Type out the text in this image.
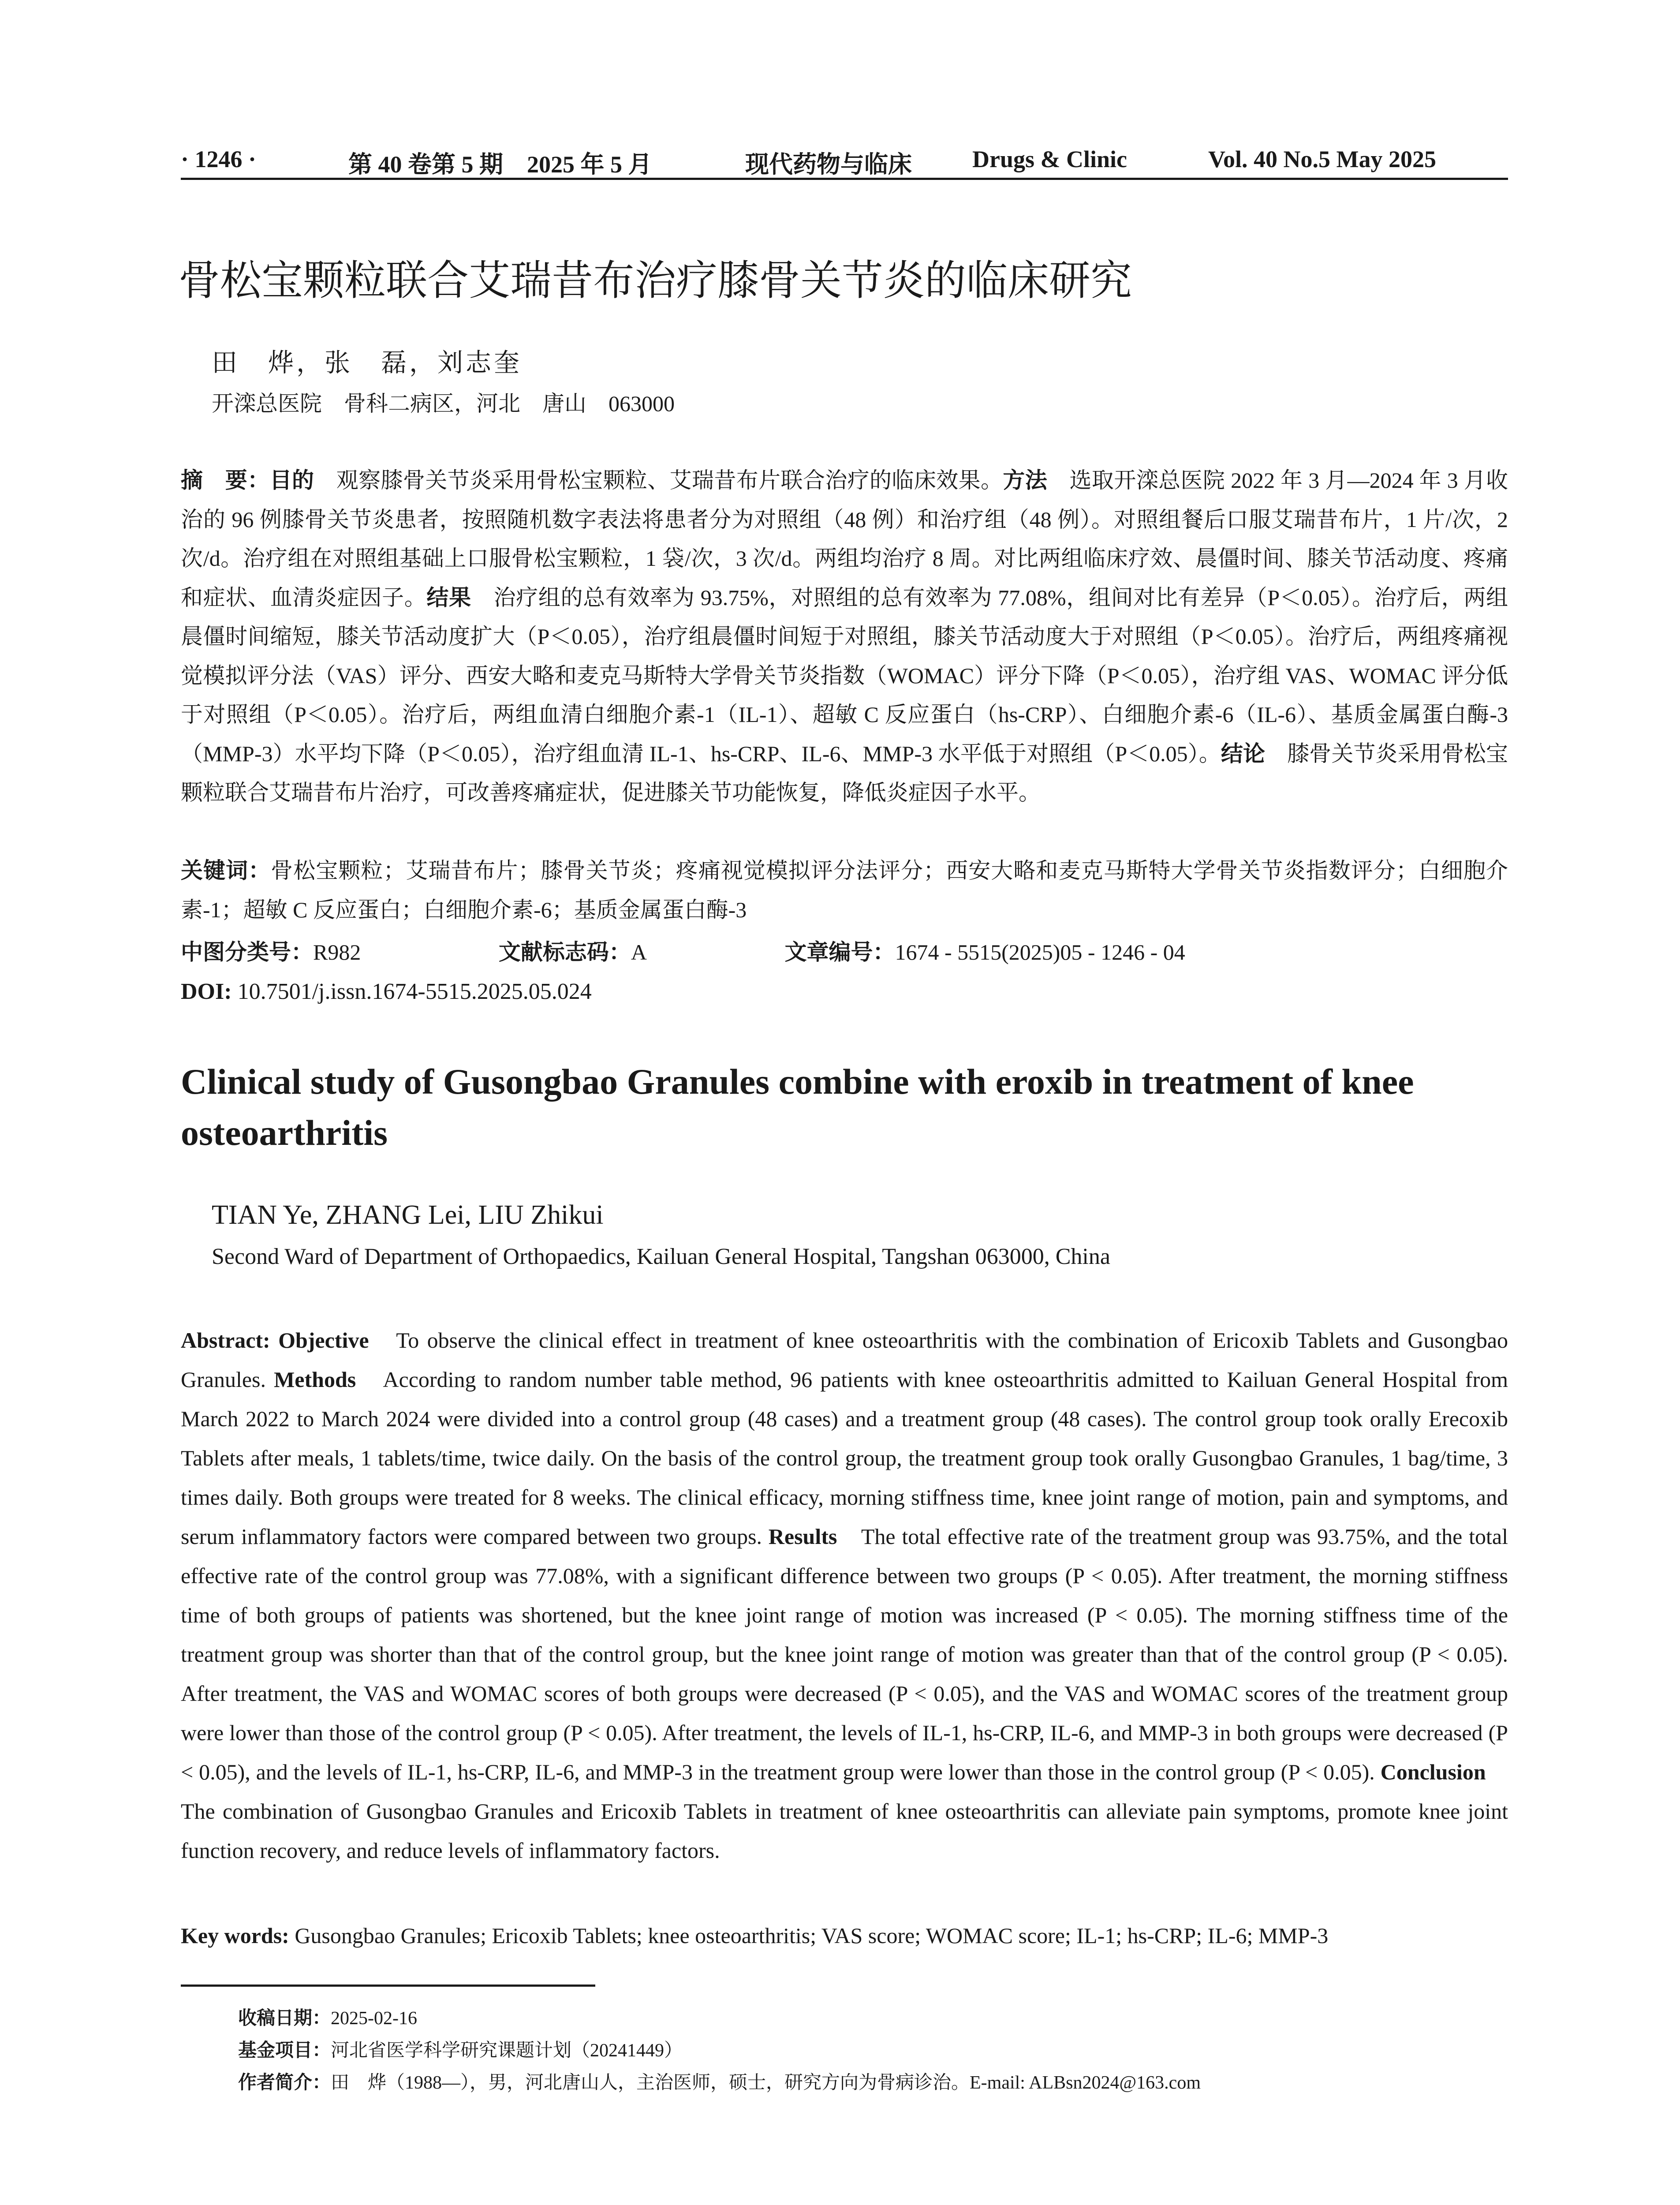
· 1246 ·	第 40 卷第 5 期　2025 年 5 月	现代药物与临床	Drugs & Clinic	Vol. 40 No.5 May 2025
骨松宝颗粒联合艾瑞昔布治疗膝骨关节炎的临床研究
田　烨，张　磊，刘志奎
开滦总医院　骨科二病区，河北　唐山　063000
摘　要：目的　观察膝骨关节炎采用骨松宝颗粒、艾瑞昔布片联合治疗的临床效果。方法　选取开滦总医院 2022 年 3 月—2024 年 3 月收治的 96 例膝骨关节炎患者，按照随机数字表法将患者分为对照组（48 例）和治疗组（48 例）。对照组餐后口服艾瑞昔布片，1 片/次，2 次/d。治疗组在对照组基础上口服骨松宝颗粒，1 袋/次，3 次/d。两组均治疗 8 周。对比两组临床疗效、晨僵时间、膝关节活动度、疼痛和症状、血清炎症因子。结果　治疗组的总有效率为 93.75%，对照组的总有效率为 77.08%，组间对比有差异（P＜0.05）。治疗后，两组晨僵时间缩短，膝关节活动度扩大（P＜0.05），治疗组晨僵时间短于对照组，膝关节活动度大于对照组（P＜0.05）。治疗后，两组疼痛视觉模拟评分法（VAS）评分、西安大略和麦克马斯特大学骨关节炎指数（WOMAC）评分下降（P＜0.05），治疗组 VAS、WOMAC 评分低于对照组（P＜0.05）。治疗后，两组血清白细胞介素-1（IL-1）、超敏 C 反应蛋白（hs-CRP）、白细胞介素-6（IL-6）、基质金属蛋白酶-3（MMP-3）水平均下降（P＜0.05），治疗组血清 IL-1、hs-CRP、IL-6、MMP-3 水平低于对照组（P＜0.05）。结论　膝骨关节炎采用骨松宝颗粒联合艾瑞昔布片治疗，可改善疼痛症状，促进膝关节功能恢复，降低炎症因子水平。
关键词：骨松宝颗粒；艾瑞昔布片；膝骨关节炎；疼痛视觉模拟评分法评分；西安大略和麦克马斯特大学骨关节炎指数评分；白细胞介素-1；超敏 C 反应蛋白；白细胞介素-6；基质金属蛋白酶-3
中图分类号：R982	文献标志码：A	文章编号：1674 - 5515(2025)05 - 1246 - 04
DOI: 10.7501/j.issn.1674-5515.2025.05.024
Clinical study of Gusongbao Granules combine with eroxib in treatment of knee osteoarthritis
TIAN Ye, ZHANG Lei, LIU Zhikui
Second Ward of Department of Orthopaedics, Kailuan General Hospital, Tangshan 063000, China
Abstract: Objective　To observe the clinical effect in treatment of knee osteoarthritis with the combination of Ericoxib Tablets and Gusongbao Granules. Methods　According to random number table method, 96 patients with knee osteoarthritis admitted to Kailuan General Hospital from March 2022 to March 2024 were divided into a control group (48 cases) and a treatment group (48 cases). The control group took orally Erecoxib Tablets after meals, 1 tablets/time, twice daily. On the basis of the control group, the treatment group took orally Gusongbao Granules, 1 bag/time, 3 times daily. Both groups were treated for 8 weeks. The clinical efficacy, morning stiffness time, knee joint range of motion, pain and symptoms, and serum inflammatory factors were compared between two groups. Results　The total effective rate of the treatment group was 93.75%, and the total effective rate of the control group was 77.08%, with a significant difference between two groups (P < 0.05). After treatment, the morning stiffness time of both groups of patients was shortened, but the knee joint range of motion was increased (P < 0.05). The morning stiffness time of the treatment group was shorter than that of the control group, but the knee joint range of motion was greater than that of the control group (P < 0.05). After treatment, the VAS and WOMAC scores of both groups were decreased (P < 0.05), and the VAS and WOMAC scores of the treatment group were lower than those of the control group (P < 0.05). After treatment, the levels of IL-1, hs-CRP, IL-6, and MMP-3 in both groups were decreased (P < 0.05), and the levels of IL-1, hs-CRP, IL-6, and MMP-3 in the treatment group were lower than those in the control group (P < 0.05). Conclusion　The combination of Gusongbao Granules and Ericoxib Tablets in treatment of knee osteoarthritis can alleviate pain symptoms, promote knee joint function recovery, and reduce levels of inflammatory factors.
Key words: Gusongbao Granules; Ericoxib Tablets; knee osteoarthritis; VAS score; WOMAC score; IL-1; hs-CRP; IL-6; MMP-3
收稿日期：2025-02-16
基金项目：河北省医学科学研究课题计划（20241449）
作者简介：田　烨（1988—），男，河北唐山人，主治医师，硕士，研究方向为骨病诊治。E-mail: ALBsn2024@163.com
